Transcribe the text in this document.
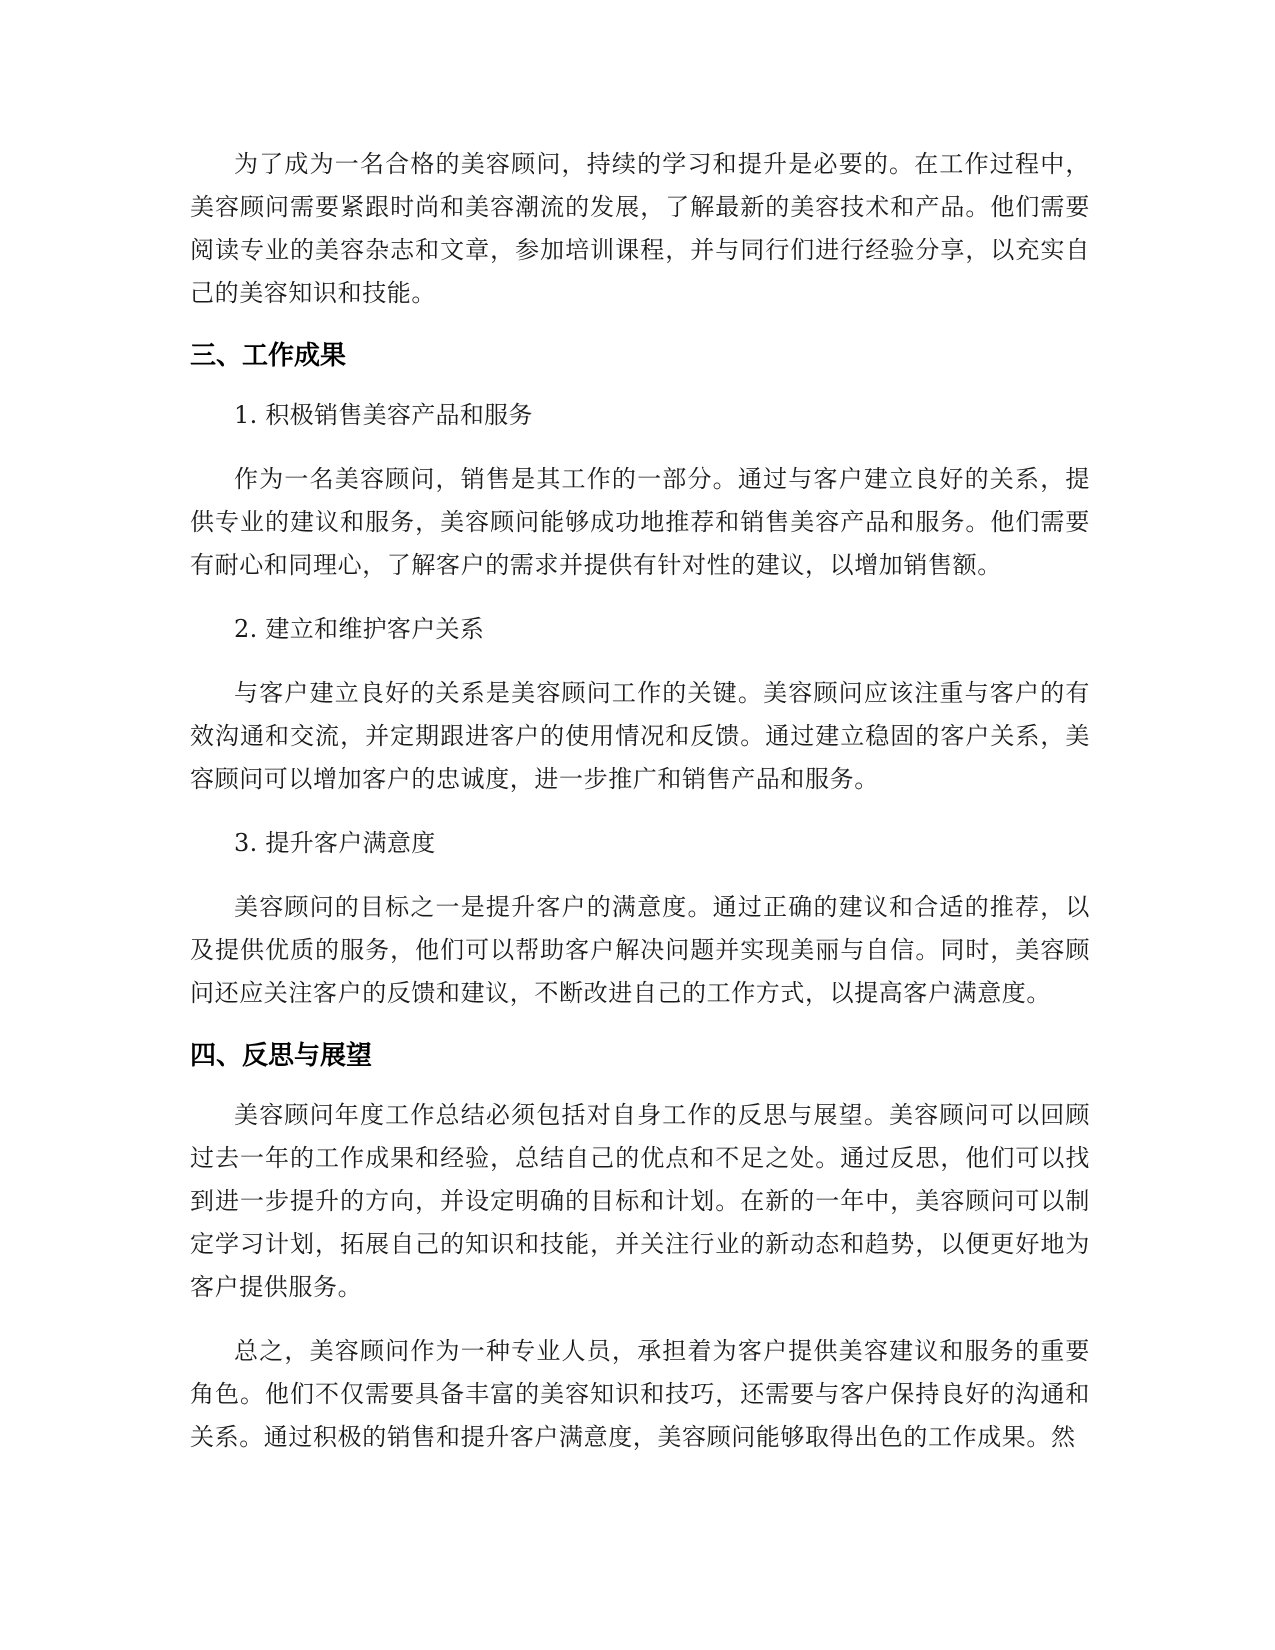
为了成为一名合格的美容顾问，持续的学习和提升是必要的。在工作过程中，美容顾问需要紧跟时尚和美容潮流的发展，了解最新的美容技术和产品。他们需要阅读专业的美容杂志和文章，参加培训课程，并与同行们进行经验分享，以充实自己的美容知识和技能。

三、工作成果

1. 积极销售美容产品和服务

作为一名美容顾问，销售是其工作的一部分。通过与客户建立良好的关系，提供专业的建议和服务，美容顾问能够成功地推荐和销售美容产品和服务。他们需要有耐心和同理心，了解客户的需求并提供有针对性的建议，以增加销售额。

2. 建立和维护客户关系

与客户建立良好的关系是美容顾问工作的关键。美容顾问应该注重与客户的有效沟通和交流，并定期跟进客户的使用情况和反馈。通过建立稳固的客户关系，美容顾问可以增加客户的忠诚度，进一步推广和销售产品和服务。

3. 提升客户满意度

美容顾问的目标之一是提升客户的满意度。通过正确的建议和合适的推荐，以及提供优质的服务，他们可以帮助客户解决问题并实现美丽与自信。同时，美容顾问还应关注客户的反馈和建议，不断改进自己的工作方式，以提高客户满意度。

四、反思与展望

美容顾问年度工作总结必须包括对自身工作的反思与展望。美容顾问可以回顾过去一年的工作成果和经验，总结自己的优点和不足之处。通过反思，他们可以找到进一步提升的方向，并设定明确的目标和计划。在新的一年中，美容顾问可以制定学习计划，拓展自己的知识和技能，并关注行业的新动态和趋势，以便更好地为客户提供服务。

总之，美容顾问作为一种专业人员，承担着为客户提供美容建议和服务的重要角色。他们不仅需要具备丰富的美容知识和技巧，还需要与客户保持良好的沟通和关系。通过积极的销售和提升客户满意度，美容顾问能够取得出色的工作成果。然
